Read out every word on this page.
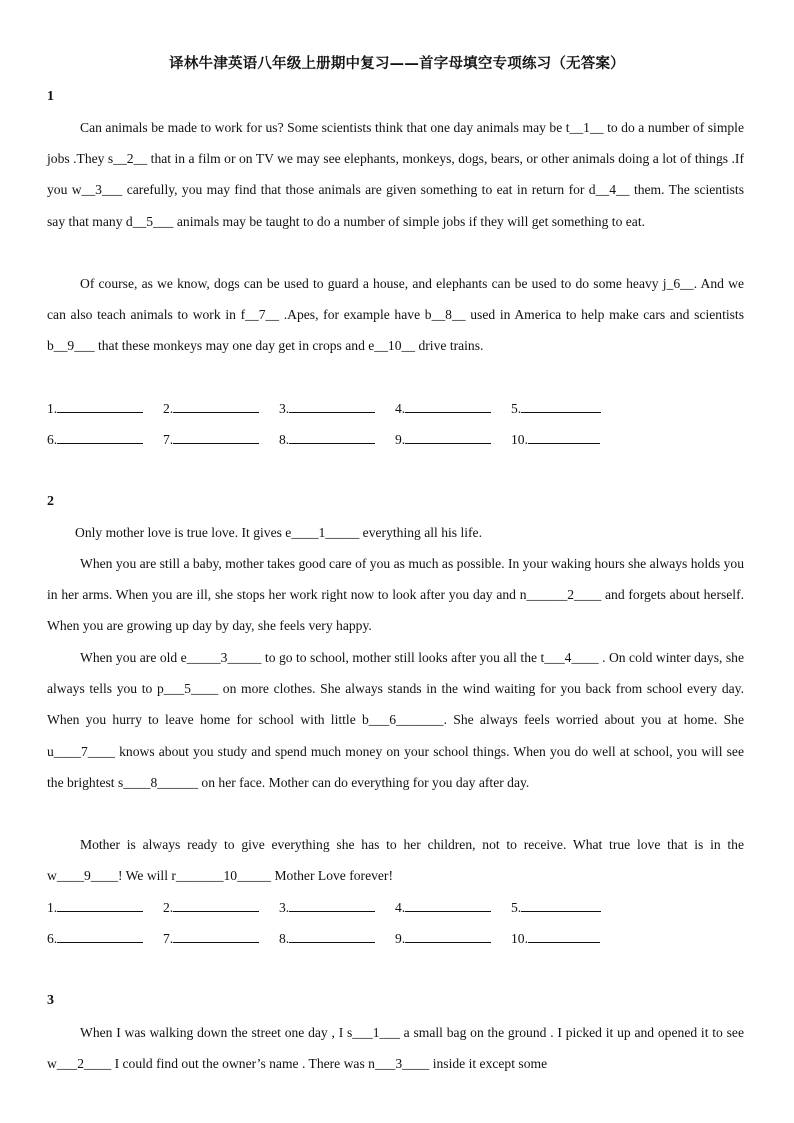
译林牛津英语八年级上册期中复习——首字母填空专项练习（无答案）
1

Can animals be made to work for us? Some scientists think that one day animals may be t__1__ to do a number of simple jobs .They s__2__ that in a film or on TV we may see elephants, monkeys, dogs, bears, or other animals doing a lot of things .If you w__3___ carefully, you may find that those animals are given something to eat in return for d__4__ them. The scientists say that many d__5___ animals may be taught to do a number of simple jobs if they will get something to eat.

Of course, as we know, dogs can be used to guard a house, and elephants can be used to do some heavy j_6__. And we can also teach animals to work in f__7__ .Apes, for example have b__8__ used in America to help make cars and scientists b__9___ that these monkeys may one day get in crops and e__10__ drive trains.

1.	2.	3.	4.	5.
6.	7.	8.	9.	10.
2

Only mother love is true love. It gives e____1_____ everything all his life.

When you are still a baby, mother takes good care of you as much as possible. In your waking hours she always holds you in her arms. When you are ill, she stops her work right now to look after you day and n______2____ and forgets about herself. When you are growing up day by day, she feels very happy.

When you are old e_____3_____ to go to school, mother still looks after you all the t___4____ . On cold winter days, she always tells you to p___5____ on more clothes. She always stands in the wind waiting for you back from school every day. When you hurry to leave home for school with little b___6_______. She always feels worried about you at home. She u____7____ knows about you study and spend much money on your school things. When you do well at school, you will see the brightest s____8______ on her face. Mother can do everything for you day after day.

Mother is always ready to give everything she has to her children, not to receive. What true love that is in the w____9____! We will r_______10_____ Mother Love forever!

1.	2.	3.	4.	5.
6.	7.	8.	9.	10.
3

When I was walking down the street one day , I s___1___ a small bag on the ground . I picked it up and opened it to see w___2____ I could find out the owner’s name . There was n___3____ inside it except some
